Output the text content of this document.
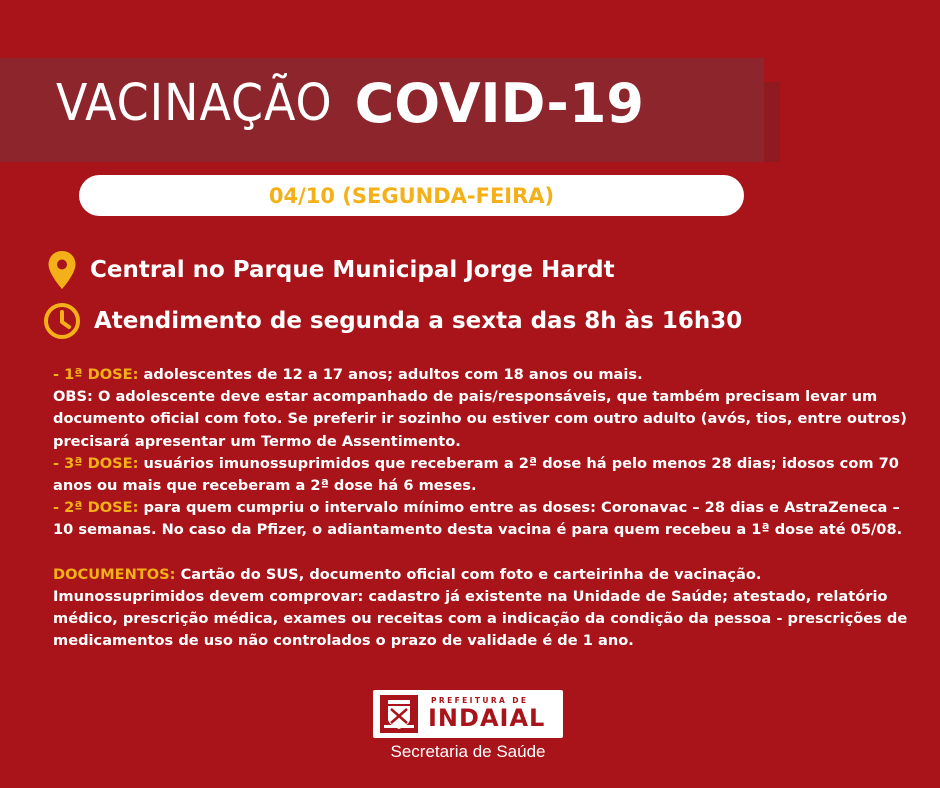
VACINAÇÃO COVID-19
04/10 (SEGUNDA-FEIRA)
Central no Parque Municipal Jorge Hardt
Atendimento de segunda a sexta das 8h às 16h30

- 1ª DOSE: adolescentes de 12 a 17 anos; adultos com 18 anos ou mais.

OBS: O adolescente deve estar acompanhado de pais/responsáveis, que também precisam levar um documento oficial com foto. Se preferir ir sozinho ou estiver com outro adulto (avós, tios, entre outros) precisará apresentar um Termo de Assentimento.

- 3ª DOSE: usuários imunossuprimidos que receberam a 2ª dose há pelo menos 28 dias; idosos com 70 anos ou mais que receberam a 2ª dose há 6 meses.

- 2ª DOSE: para quem cumpriu o intervalo mínimo entre as doses: Coronavac – 28 dias e AstraZeneca – 10 semanas. No caso da Pfizer, o adiantamento desta vacina é para quem recebeu a 1ª dose até 05/08.

DOCUMENTOS: Cartão do SUS, documento oficial com foto e carteirinha de vacinação.

Imunossuprimidos devem comprovar: cadastro já existente na Unidade de Saúde; atestado, relatório médico, prescrição médica, exames ou receitas com a indicação da condição da pessoa - prescrições de medicamentos de uso não controlados o prazo de validade é de 1 ano.

PREFEITURA DE
INDAIAL
Secretaria de Saúde
